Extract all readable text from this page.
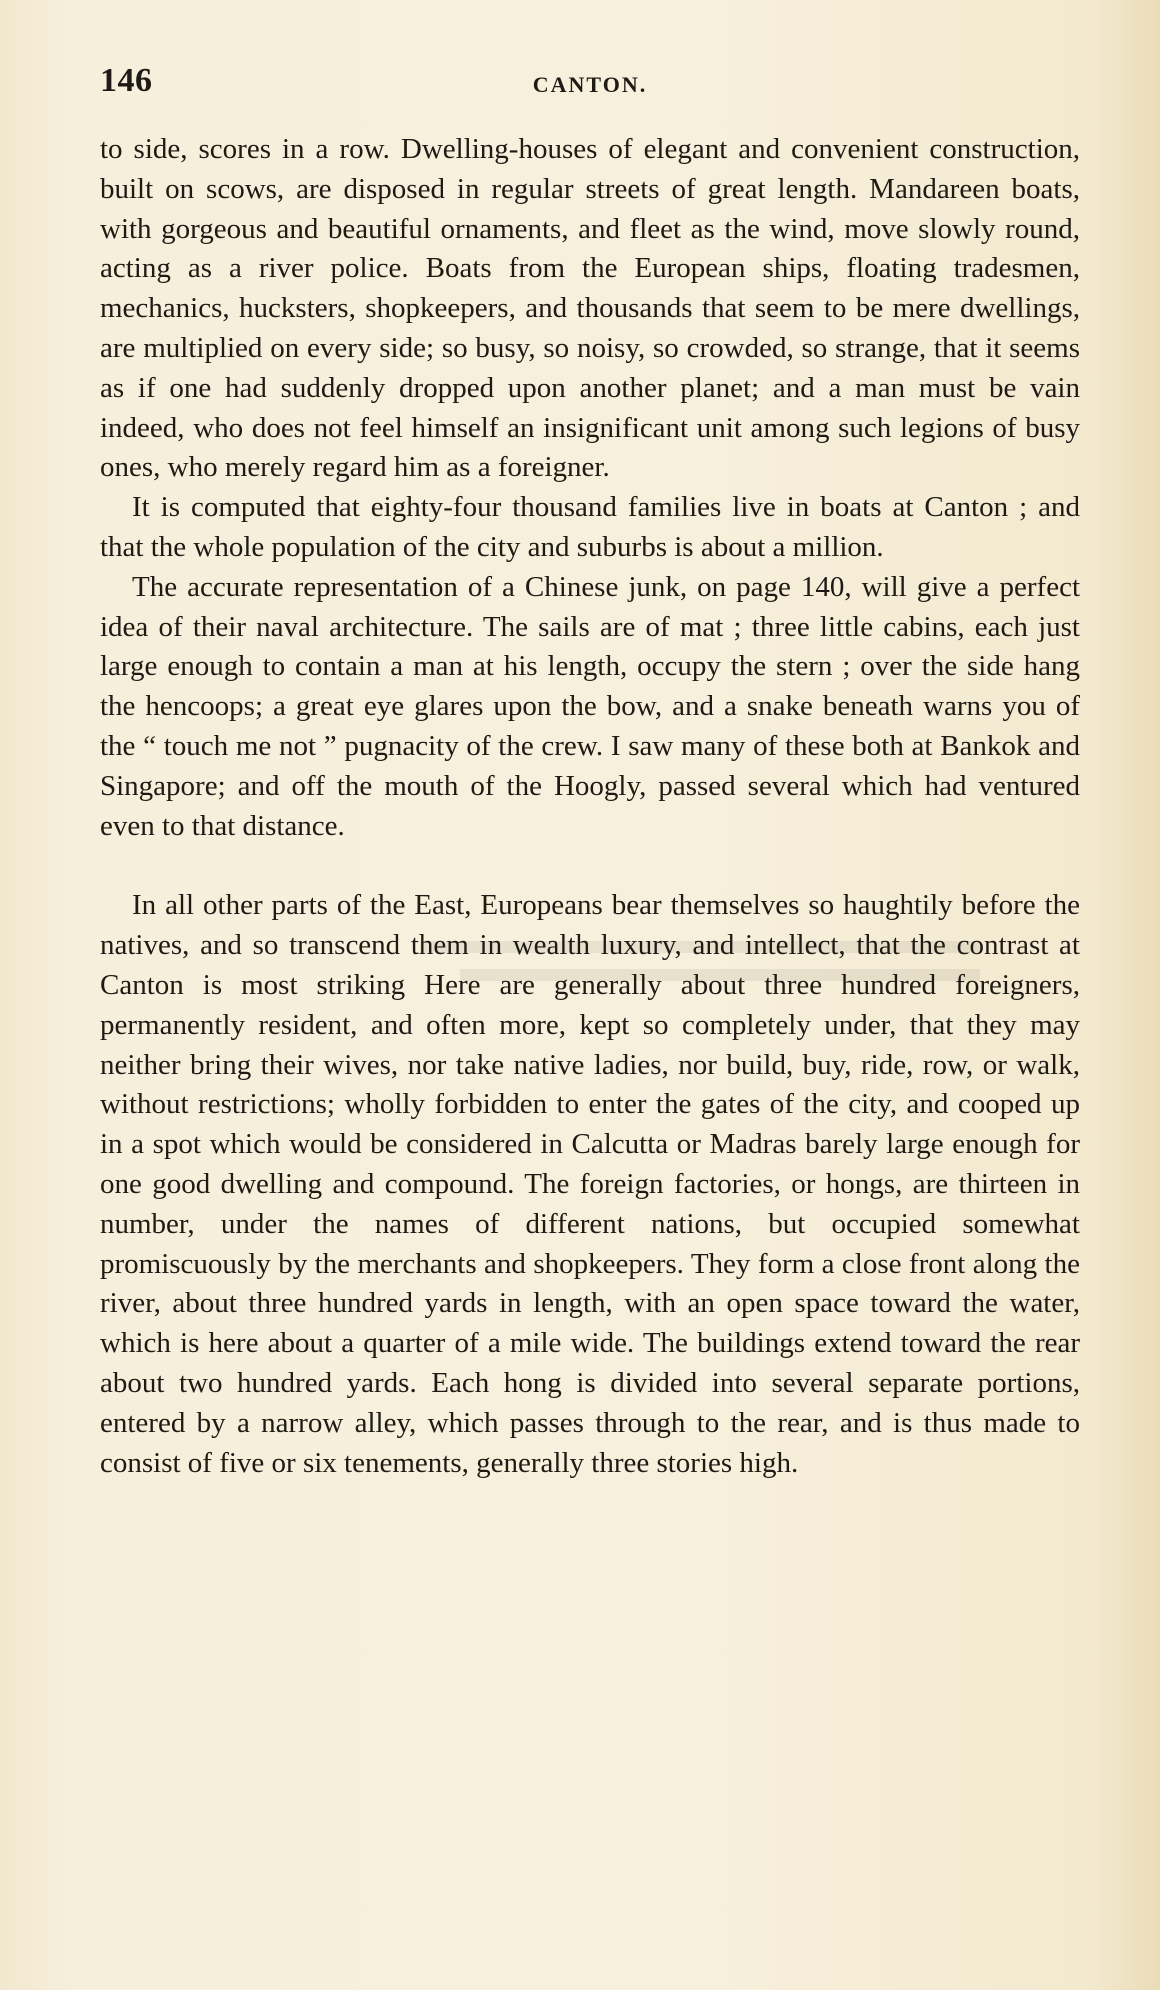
146	CANTON.

to side, scores in a row. Dwelling-houses of elegant and convenient construction, built on scows, are disposed in regular streets of great length. Mandareen boats, with gorgeous and beautiful ornaments, and fleet as the wind, move slowly round, acting as a river police. Boats from the European ships, floating tradesmen, mechanics, hucksters, shopkeepers, and thousands that seem to be mere dwellings, are multiplied on every side; so busy, so noisy, so crowded, so strange, that it seems as if one had suddenly dropped upon another planet; and a man must be vain indeed, who does not feel himself an insignificant unit among such legions of busy ones, who merely regard him as a foreigner.

It is computed that eighty-four thousand families live in boats at Canton ; and that the whole population of the city and suburbs is about a million.

The accurate representation of a Chinese junk, on page 140, will give a perfect idea of their naval architecture. The sails are of mat ; three little cabins, each just large enough to contain a man at his length, occupy the stern ; over the side hang the hencoops; a great eye glares upon the bow, and a snake beneath warns you of the “ touch me not ” pugnacity of the crew. I saw many of these both at Bankok and Singapore; and off the mouth of the Hoogly, passed several which had ventured even to that distance.

In all other parts of the East, Europeans bear themselves so haughtily before the natives, and so transcend them in wealth luxury, and intellect, that the contrast at Canton is most striking Here are generally about three hundred foreigners, permanently resident, and often more, kept so completely under, that they may neither bring their wives, nor take native ladies, nor build, buy, ride, row, or walk, without restrictions; wholly forbidden to enter the gates of the city, and cooped up in a spot which would be considered in Calcutta or Madras barely large enough for one good dwelling and compound. The foreign factories, or hongs, are thirteen in number, under the names of different nations, but occupied somewhat promiscuously by the merchants and shopkeepers. They form a close front along the river, about three hundred yards in length, with an open space toward the water, which is here about a quarter of a mile wide. The buildings extend toward the rear about two hundred yards. Each hong is divided into several separate portions, entered by a narrow alley, which passes through to the rear, and is thus made to consist of five or six tenements, generally three stories high.
